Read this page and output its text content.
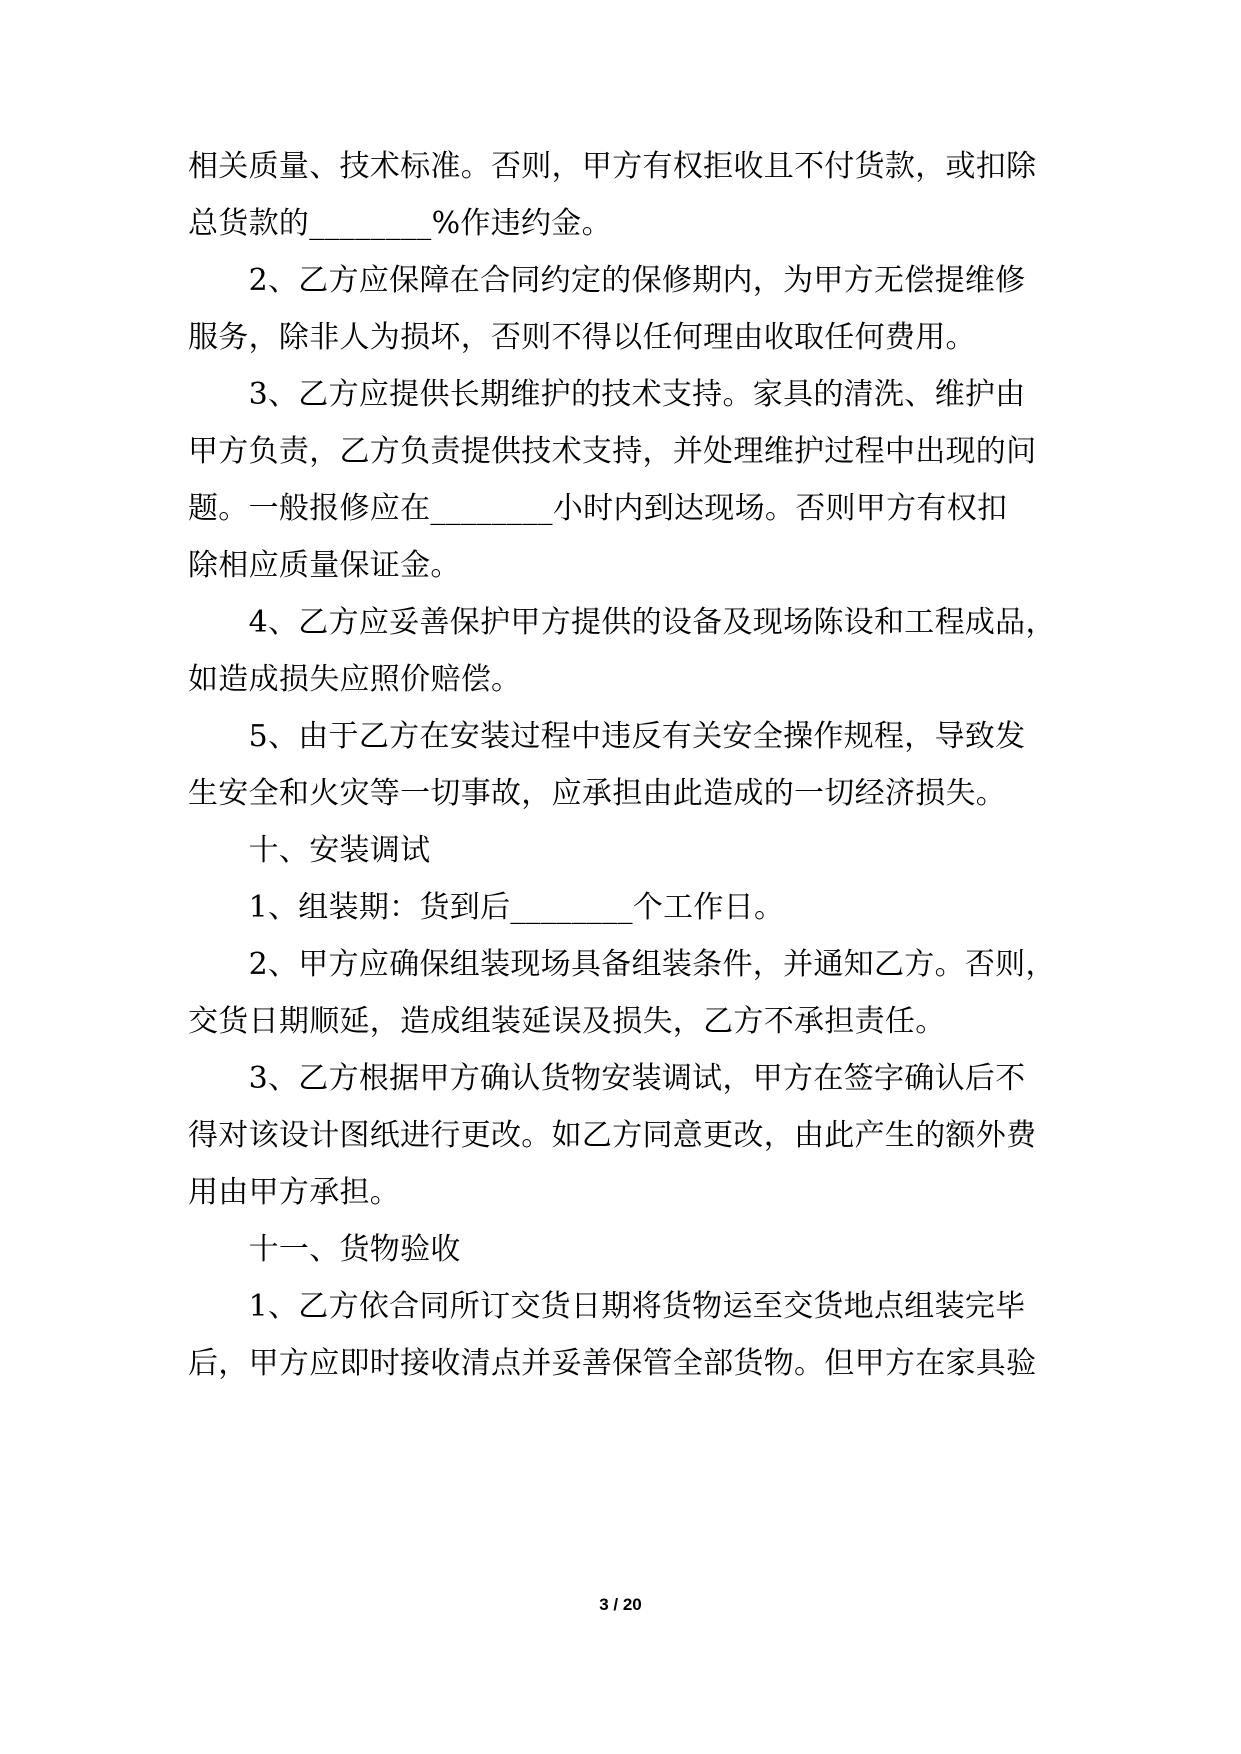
相关质量、技术标准。否则，甲方有权拒收且不付货款，或扣除
总货款的________%作违约金。
　　2、乙方应保障在合同约定的保修期内，为甲方无偿提维修
服务，除非人为损坏，否则不得以任何理由收取任何费用。
　　3、乙方应提供长期维护的技术支持。家具的清洗、维护由
甲方负责，乙方负责提供技术支持，并处理维护过程中出现的问
题。一般报修应在________小时内到达现场。否则甲方有权扣
除相应质量保证金。
　　4、乙方应妥善保护甲方提供的设备及现场陈设和工程成品，
如造成损失应照价赔偿。
　　5、由于乙方在安装过程中违反有关安全操作规程，导致发
生安全和火灾等一切事故，应承担由此造成的一切经济损失。
　　十、安装调试
　　1、组装期：货到后________个工作日。
　　2、甲方应确保组装现场具备组装条件，并通知乙方。否则，
交货日期顺延，造成组装延误及损失，乙方不承担责任。
　　3、乙方根据甲方确认货物安装调试，甲方在签字确认后不
得对该设计图纸进行更改。如乙方同意更改，由此产生的额外费
用由甲方承担。
　　十一、货物验收
　　1、乙方依合同所订交货日期将货物运至交货地点组装完毕
后，甲方应即时接收清点并妥善保管全部货物。但甲方在家具验
3 / 20
